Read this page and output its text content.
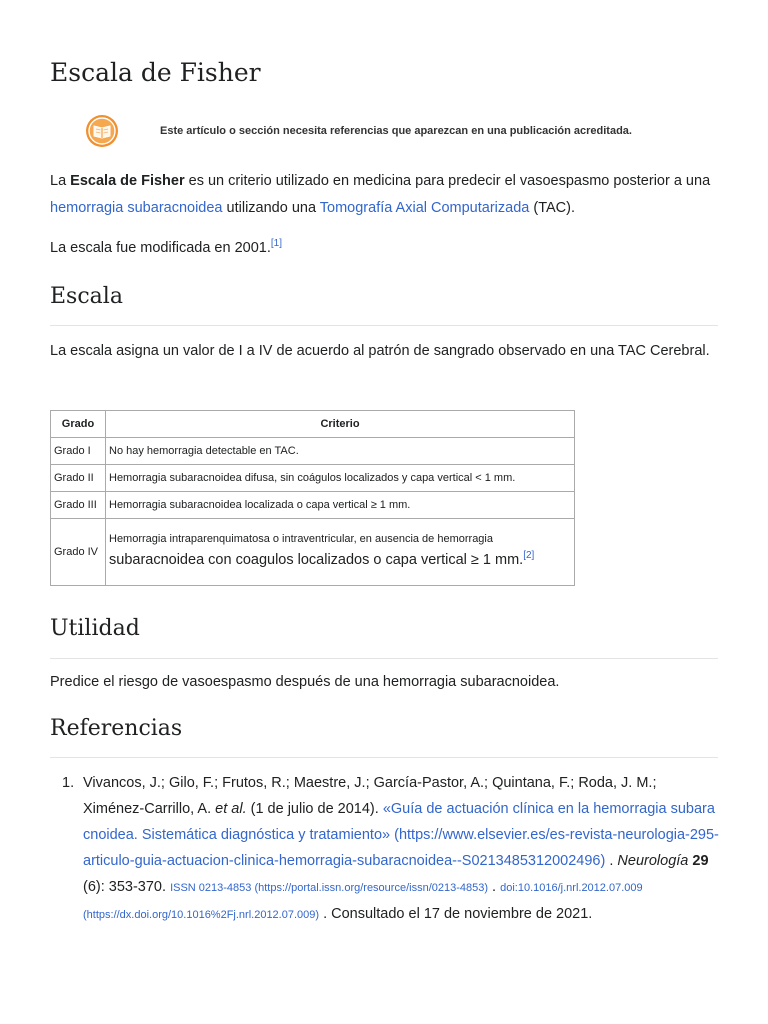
Escala de Fisher
Este artículo o sección necesita referencias que aparezcan en una publicación acreditada.

La Escala de Fisher es un criterio utilizado en medicina para predecir el vasoespasmo posterior a una hemorragia subaracnoidea utilizando una Tomografía Axial Computarizada (TAC).

La escala fue modificada en 2001.[1]

Escala

La escala asigna un valor de I a IV de acuerdo al patrón de sangrado observado en una TAC Cerebral.

Grado	Criterio
Grado I	No hay hemorragia detectable en TAC.
Grado II	Hemorragia subaracnoidea difusa, sin coágulos localizados y capa vertical < 1 mm.
Grado III	Hemorragia subaracnoidea localizada o capa vertical ≥ 1 mm.
Grado IV	Hemorragia intraparenquimatosa o intraventricular, en ausencia de hemorragia
subaracnoidea con coagulos localizados o capa vertical ≥ 1 mm.[2]
Utilidad

Predice el riesgo de vasoespasmo después de una hemorragia subaracnoidea.

Referencias
1. Vivancos, J.; Gilo, F.; Frutos, R.; Maestre, J.; García-Pastor, A.; Quintana, F.; Roda, J. M.; Ximénez-Carrillo, A. et al. (1 de julio de 2014). «Guía de actuación clínica en la hemorragia subaracnoidea. Sistemática diagnóstica y tratamiento» (https://www.elsevier.es/es-revista-neurologia-295-articulo-guia-actuacion-clinica-hemorragia-subaracnoidea--S0213485312002496) . Neurología 29 (6): 353-370. ISSN 0213-4853 (https://portal.issn.org/resource/issn/0213-4853) . doi:10.1016/j.nrl.2012.07.009 (https://dx.doi.org/10.1016%2Fj.nrl.2012.07.009) . Consultado el 17 de noviembre de 2021.
